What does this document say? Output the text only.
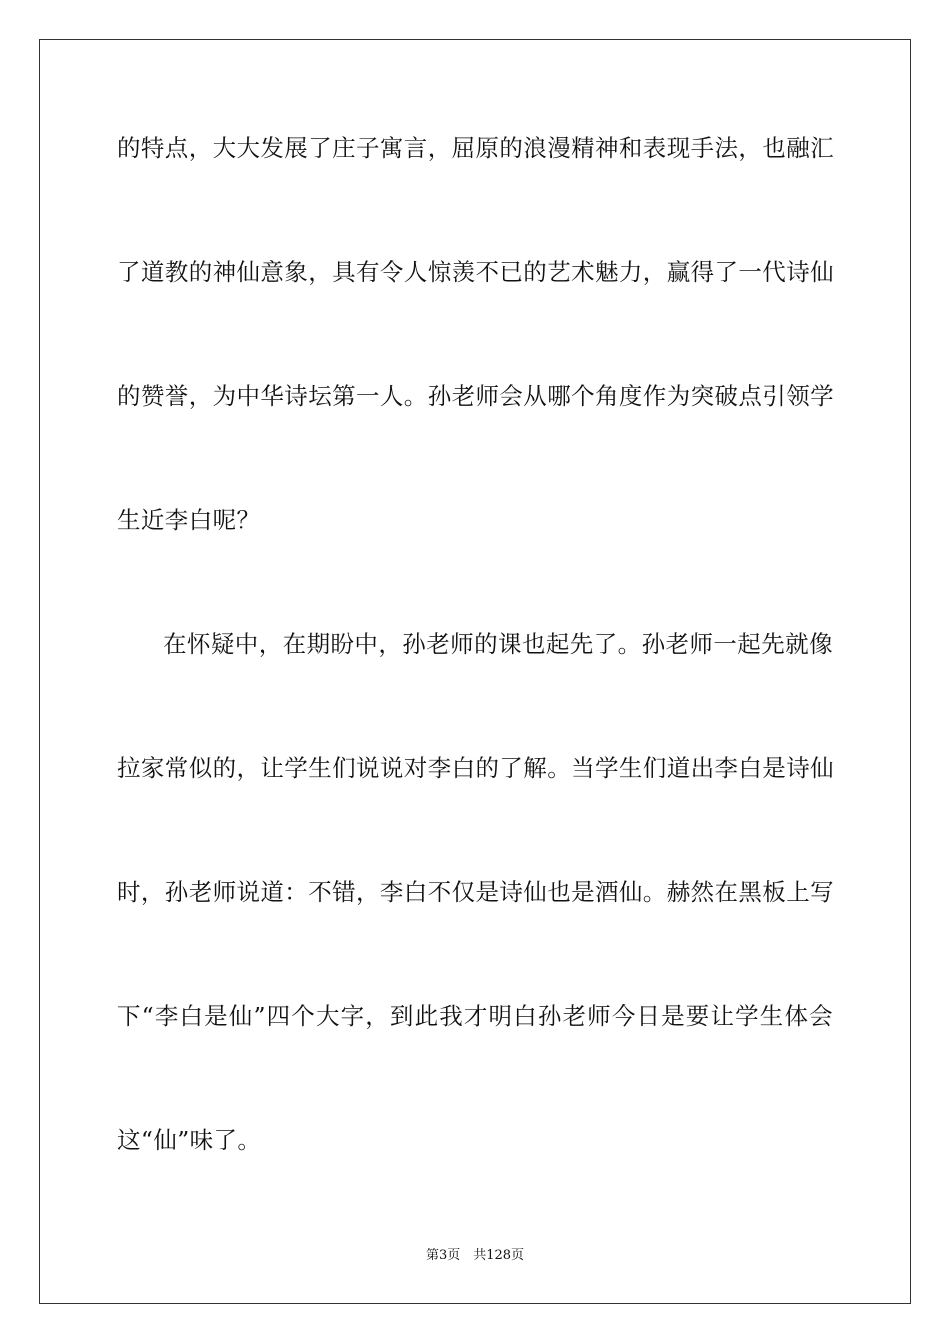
的特点，大大发展了庄子寓言，屈原的浪漫精神和表现手法，也融汇
了道教的神仙意象，具有令人惊羡不已的艺术魅力，赢得了一代诗仙
的赞誉，为中华诗坛第一人。孙老师会从哪个角度作为突破点引领学
生近李白呢？
在怀疑中，在期盼中，孙老师的课也起先了。孙老师一起先就像
拉家常似的，让学生们说说对李白的了解。当学生们道出李白是诗仙
时，孙老师说道：不错，李白不仅是诗仙也是酒仙。赫然在黑板上写
下“李白是仙”四个大字，到此我才明白孙老师今日是要让学生体会
这“仙”味了。
第3页　共128页
